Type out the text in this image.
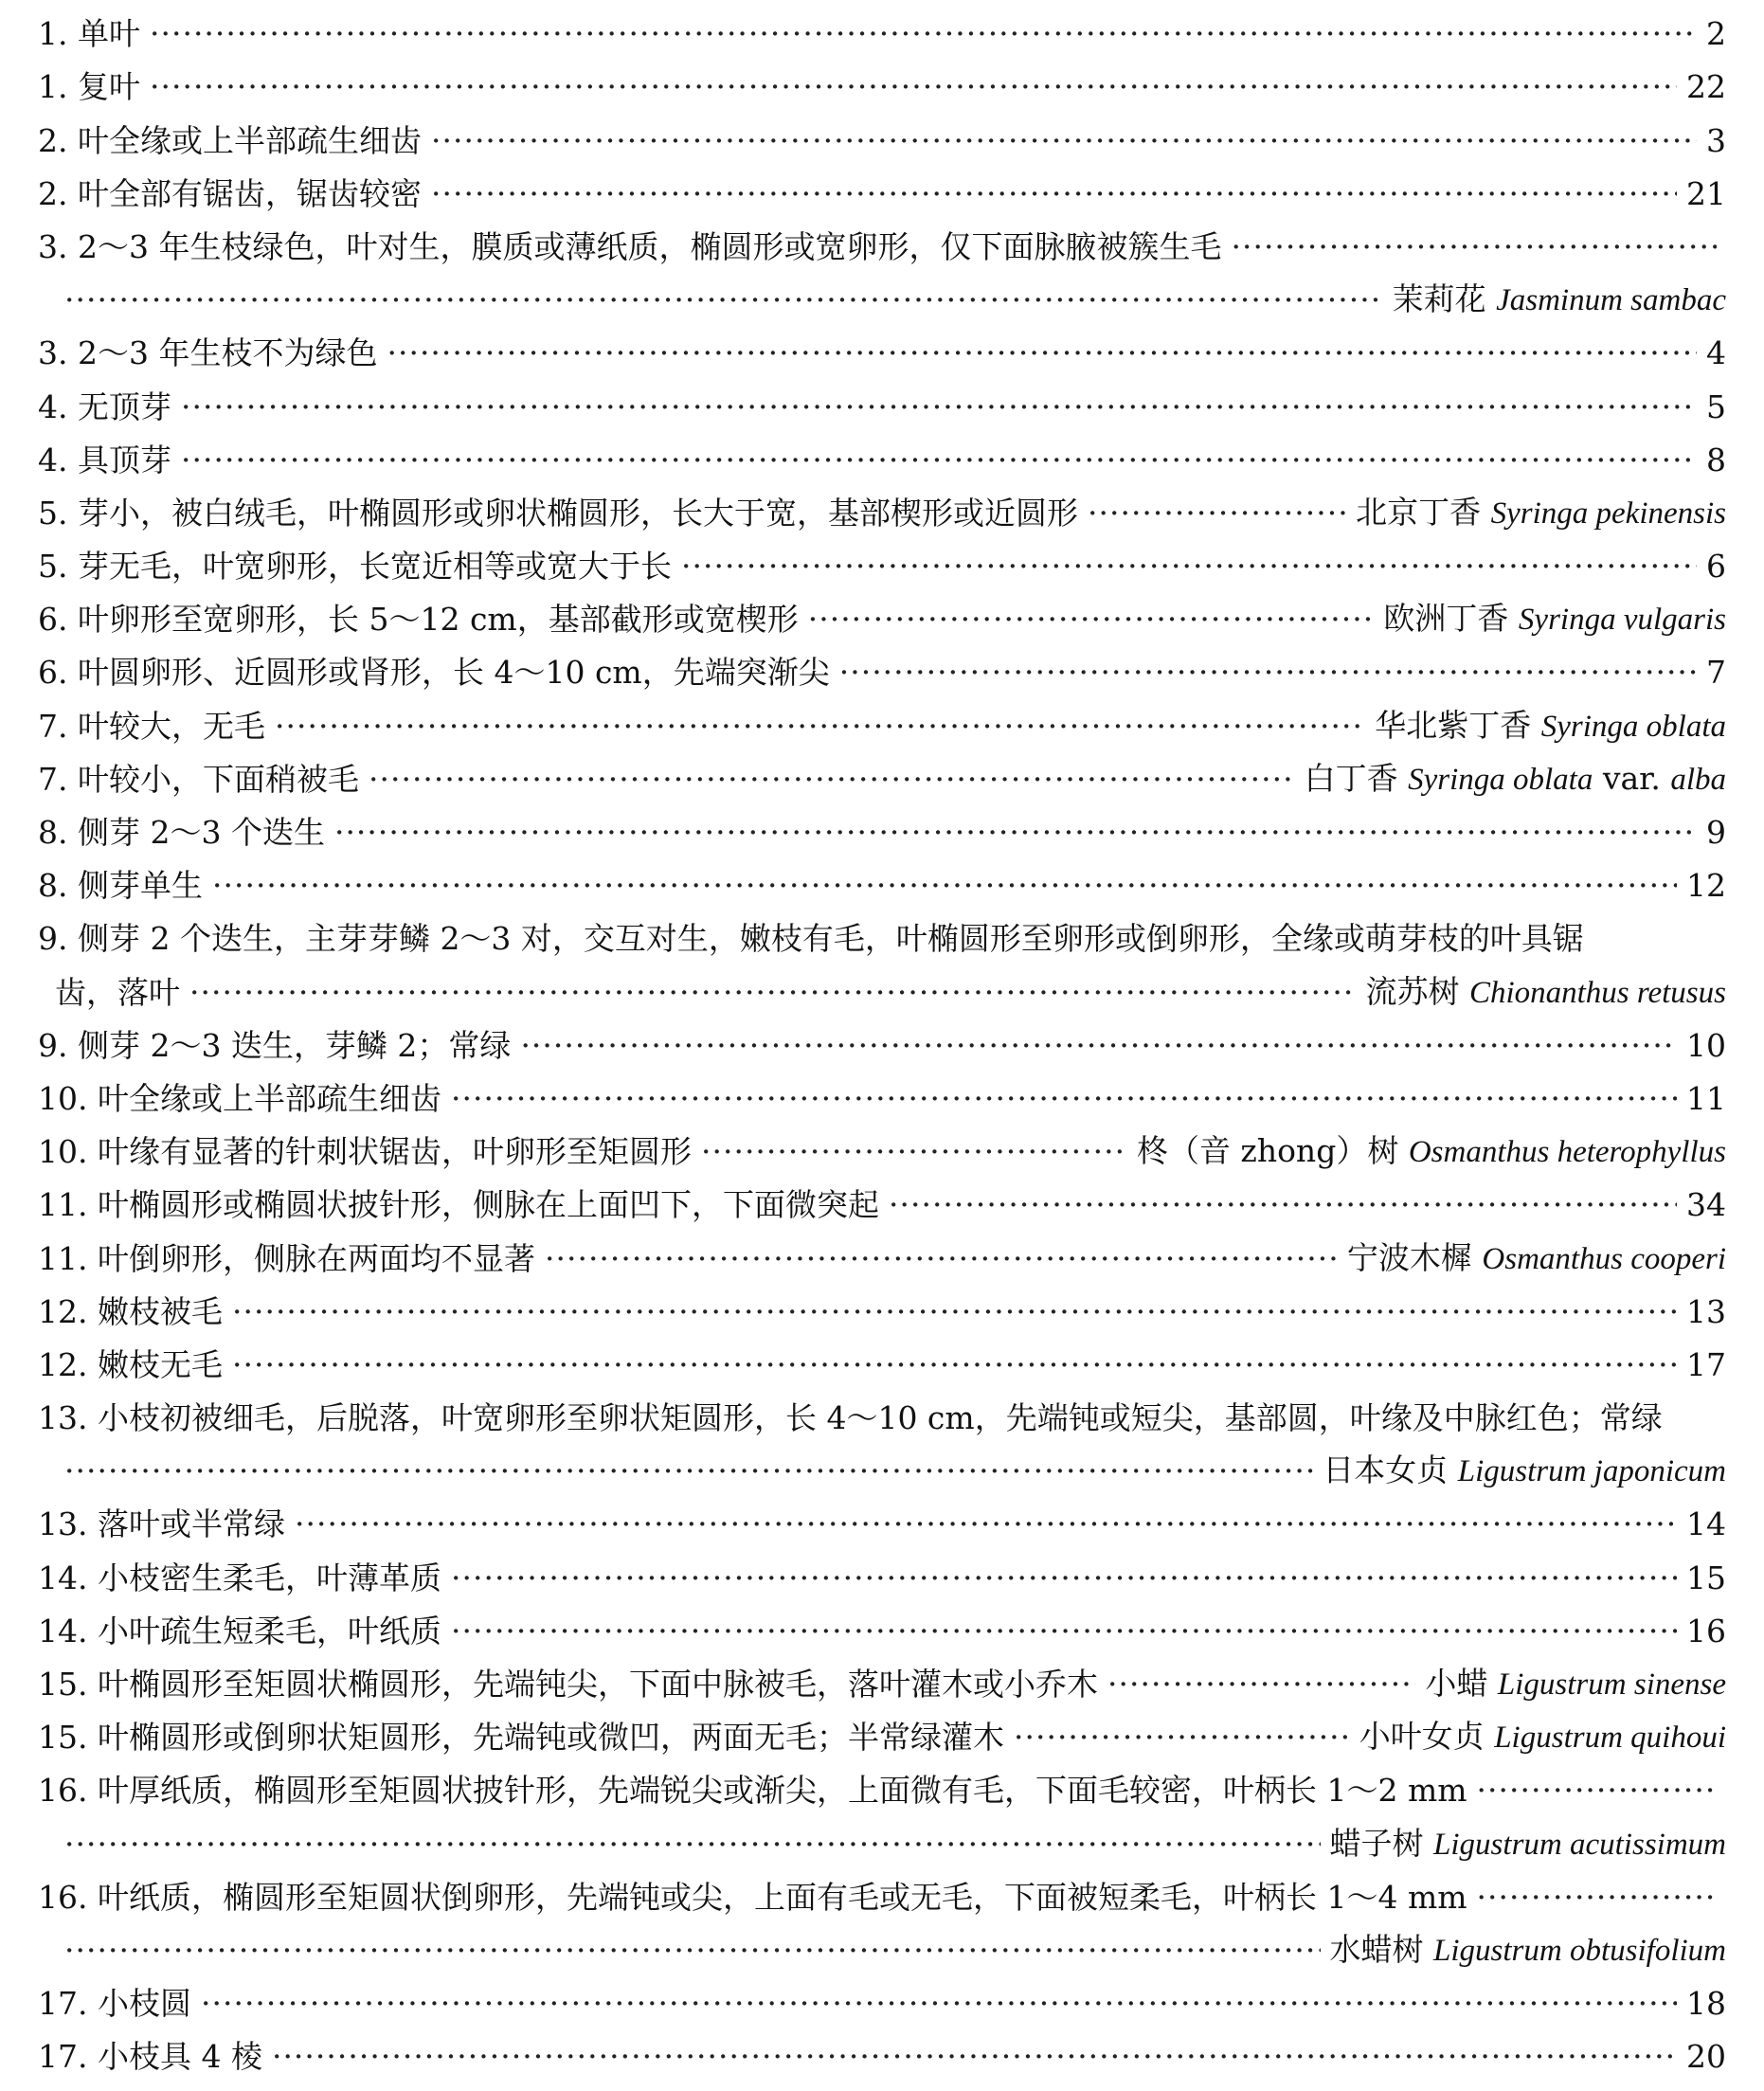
1. 单叶 ·····	2
1. 复叶 ·····	22
2. 叶全缘或上半部疏生细齿 ·····	3
2. 叶全部有锯齿，锯齿较密 ·····	21
3. 2～3 年生枝绿色，叶对生，膜质或薄纸质，椭圆形或宽卵形，仅下面脉腋被簇生毛
·····
·····
茉莉花 Jasminum sambac
3. 2～3 年生枝不为绿色 ·····	4
4. 无顶芽 ·····	5
4. 具顶芽 ·····	8
5. 芽小，被白绒毛，叶椭圆形或卵状椭圆形，长大于宽，基部楔形或近圆形 ·····	北京丁香 Syringa pekinensis
5. 芽无毛，叶宽卵形，长宽近相等或宽大于长 ·····	6
6. 叶卵形至宽卵形，长 5～12 cm，基部截形或宽楔形 ·····	欧洲丁香 Syringa vulgaris
6. 叶圆卵形、近圆形或肾形，长 4～10 cm，先端突渐尖 ·····	7
7. 叶较大，无毛 ·····	华北紫丁香 Syringa oblata
7. 叶较小，下面稍被毛 ·····	白丁香 Syringa oblata var. alba
8. 侧芽 2～3 个迭生 ·····	9
8. 侧芽单生 ·····	12
9. 侧芽 2 个迭生，主芽芽鳞 2～3 对，交互对生，嫩枝有毛，叶椭圆形至卵形或倒卵形，全缘或萌芽枝的叶具锯
齿，落叶 ·····	流苏树 Chionanthus retusus
9. 侧芽 2～3 迭生，芽鳞 2；常绿 ·····	10
10. 叶全缘或上半部疏生细齿 ·····	11
10. 叶缘有显著的针刺状锯齿，叶卵形至矩圆形 ·····	柊（音 zhong）树 Osmanthus heterophyllus
11. 叶椭圆形或椭圆状披针形，侧脉在上面凹下，下面微突起 ·····	34
11. 叶倒卵形，侧脉在两面均不显著 ·····	宁波木樨 Osmanthus cooperi
12. 嫩枝被毛 ·····	13
12. 嫩枝无毛 ·····	17
13. 小枝初被细毛，后脱落，叶宽卵形至卵状矩圆形，长 4～10 cm，先端钝或短尖，基部圆，叶缘及中脉红色；常绿
·····
日本女贞 Ligustrum japonicum
13. 落叶或半常绿 ·····	14
14. 小枝密生柔毛，叶薄革质 ·····	15
14. 小叶疏生短柔毛，叶纸质 ·····	16
15. 叶椭圆形至矩圆状椭圆形，先端钝尖，下面中脉被毛，落叶灌木或小乔木 ·····	小蜡 Ligustrum sinense
15. 叶椭圆形或倒卵状矩圆形，先端钝或微凹，两面无毛；半常绿灌木 ·····	小叶女贞 Ligustrum quihoui
16. 叶厚纸质，椭圆形至矩圆状披针形，先端锐尖或渐尖，上面微有毛，下面毛较密，叶柄长 1～2 mm
·····
·····
蜡子树 Ligustrum acutissimum
16. 叶纸质，椭圆形至矩圆状倒卵形，先端钝或尖，上面有毛或无毛，下面被短柔毛，叶柄长 1～4 mm
·····
·····
水蜡树 Ligustrum obtusifolium
17. 小枝圆 ·····	18
17. 小枝具 4 棱 ·····	20
